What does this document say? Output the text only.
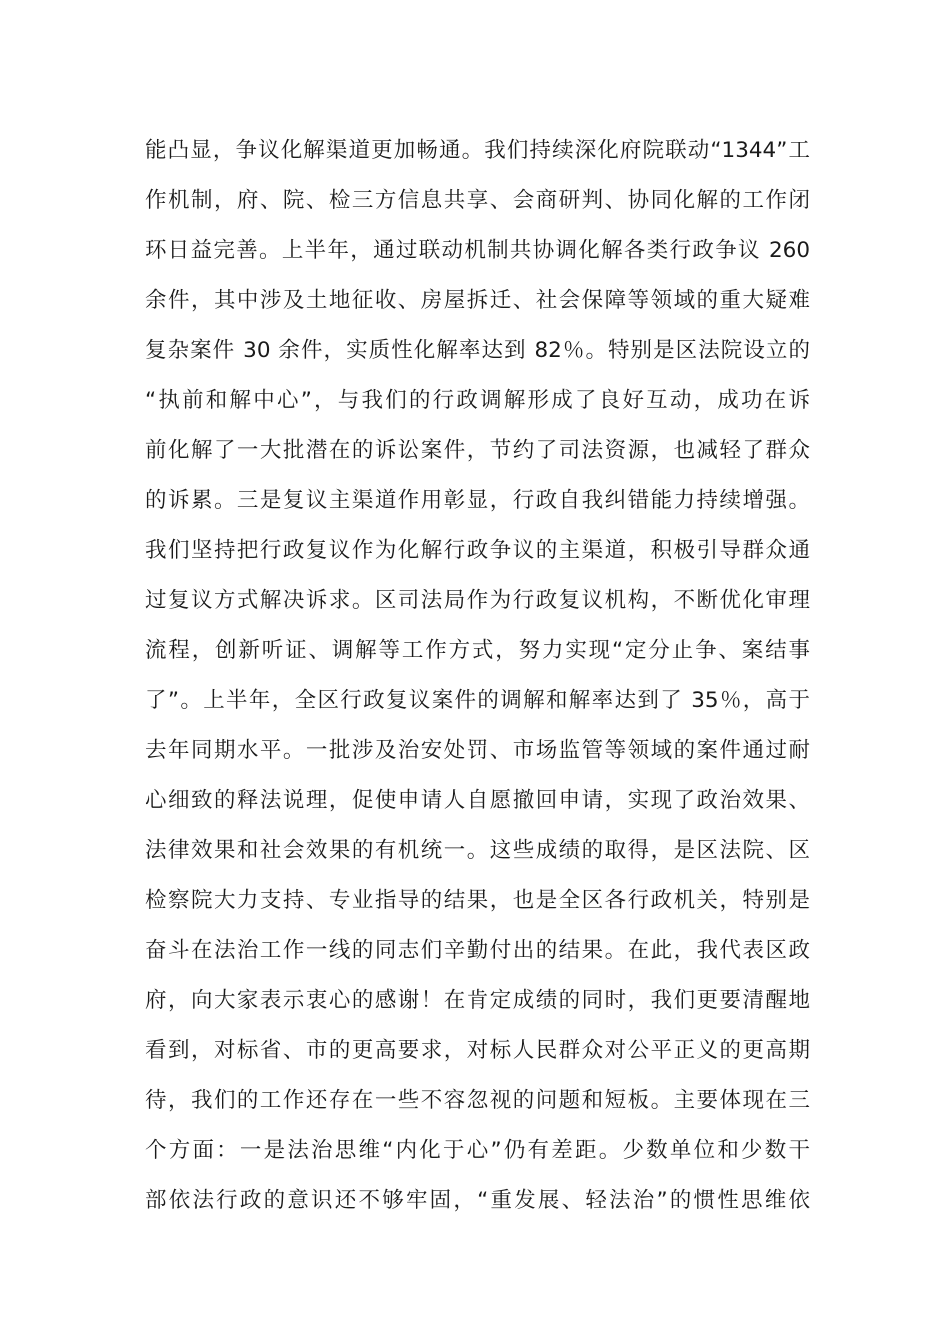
能凸显，争议化解渠道更加畅通。我们持续深化府院联动“1344”工
作机制，府、院、检三方信息共享、会商研判、协同化解的工作闭
环日益完善。上半年，通过联动机制共协调化解各类行政争议 260
余件，其中涉及土地征收、房屋拆迁、社会保障等领域的重大疑难
复杂案件 30 余件，实质性化解率达到 82％。特别是区法院设立的
“执前和解中心”，与我们的行政调解形成了良好互动，成功在诉
前化解了一大批潜在的诉讼案件，节约了司法资源，也减轻了群众
的诉累。三是复议主渠道作用彰显，行政自我纠错能力持续增强。
我们坚持把行政复议作为化解行政争议的主渠道，积极引导群众通
过复议方式解决诉求。区司法局作为行政复议机构，不断优化审理
流程，创新听证、调解等工作方式，努力实现“定分止争、案结事
了”。上半年，全区行政复议案件的调解和解率达到了 35％，高于
去年同期水平。一批涉及治安处罚、市场监管等领域的案件通过耐
心细致的释法说理，促使申请人自愿撤回申请，实现了政治效果、
法律效果和社会效果的有机统一。这些成绩的取得，是区法院、区
检察院大力支持、专业指导的结果，也是全区各行政机关，特别是
奋斗在法治工作一线的同志们辛勤付出的结果。在此，我代表区政
府，向大家表示衷心的感谢！在肯定成绩的同时，我们更要清醒地
看到，对标省、市的更高要求，对标人民群众对公平正义的更高期
待，我们的工作还存在一些不容忽视的问题和短板。主要体现在三
个方面：一是法治思维“内化于心”仍有差距。少数单位和少数干
部依法行政的意识还不够牢固，“重发展、轻法治”的惯性思维依
